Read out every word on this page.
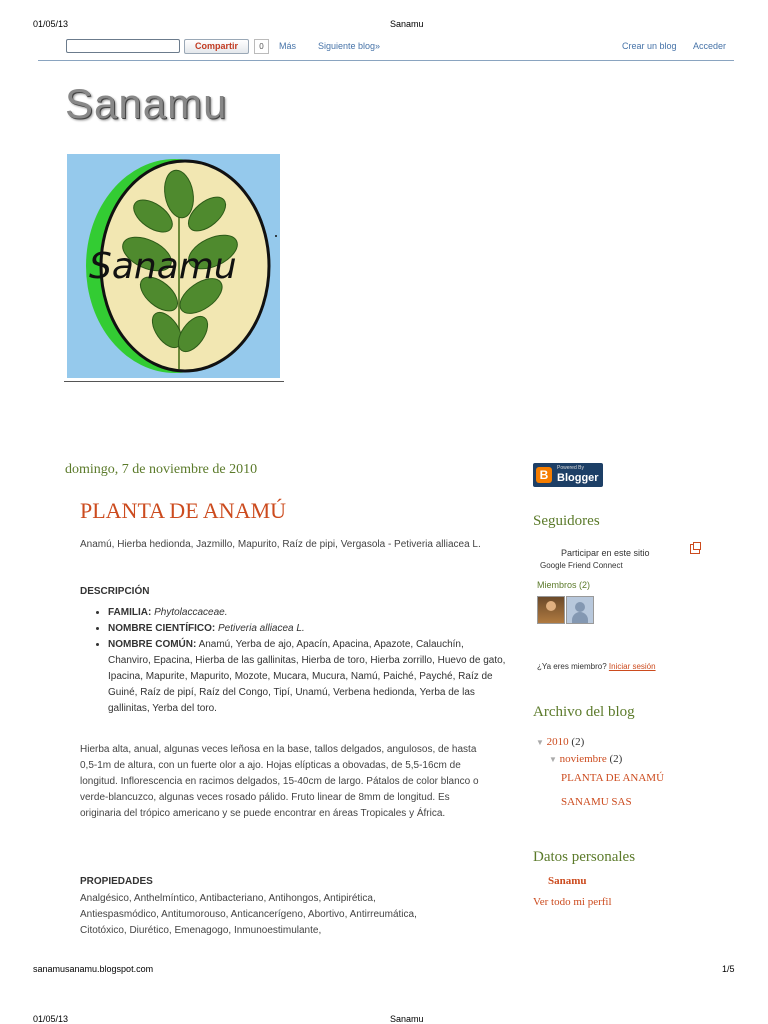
01/05/13	Sanamu
Compartir	0	Más Siguiente blog»	Crear un blog Acceder
Sanamu
Sanamu
domingo, 7 de noviembre de 2010
PLANTA DE ANAMÚ
Anamú, Hierba hedionda, Jazmillo, Mapurito, Raíz de pipi, Vergasola - Petiveria alliacea L.
DESCRIPCIÓN
• FAMILIA: Phytolaccaceae.
• NOMBRE CIENTÍFICO: Petiveria alliacea L.
• NOMBRE COMÚN: Anamú, Yerba de ajo, Apacín, Apacina, Apazote, Calauchín, Chanviro, Epacina, Hierba de las gallinitas, Hierba de toro, Hierba zorrillo, Huevo de gato, Ipacina, Mapurite, Mapurito, Mozote, Mucara, Mucura, Namú, Paiché, Payché, Raíz de Guiné, Raíz de pipí, Raíz del Congo, Tipí, Unamú, Verbena hedionda, Yerba de las gallinitas, Yerba del toro.
Hierba alta, anual, algunas veces leñosa en la base, tallos delgados, angulosos, de hasta 0,5-1m de altura, con un fuerte olor a ajo. Hojas elípticas a obovadas, de 5,5-16cm de longitud. Inflorescencia en racimos delgados, 15-40cm de largo. Pátalos de color blanco o verde-blancuzco, algunas veces rosado pálido. Fruto linear de 8mm de longitud. Es originaria del trópico americano y se puede encontrar en áreas Tropicales y África.
PROPIEDADES
Analgésico, Anthelmíntico, Antibacteriano, Antihongos, Antipirética, Antiespasmódico, Antitumorouso, Anticancerígeno, Abortivo, Antirreumática, Citotóxico, Diurético, Emenagogo, Inmunoestimulante,
B	Powered By
Blogger
Seguidores
Participar en este sitio
Google Friend Connect
Miembros (2)
¿Ya eres miembro? Iniciar sesión
Archivo del blog
▼ 2010 (2)
▼ noviembre (2)
PLANTA DE ANAMÚ
SANAMU SAS
Datos personales
Sanamu
Ver todo mi perfil
sanamusanamu.blogspot.com	1/5
01/05/13	Sanamu
